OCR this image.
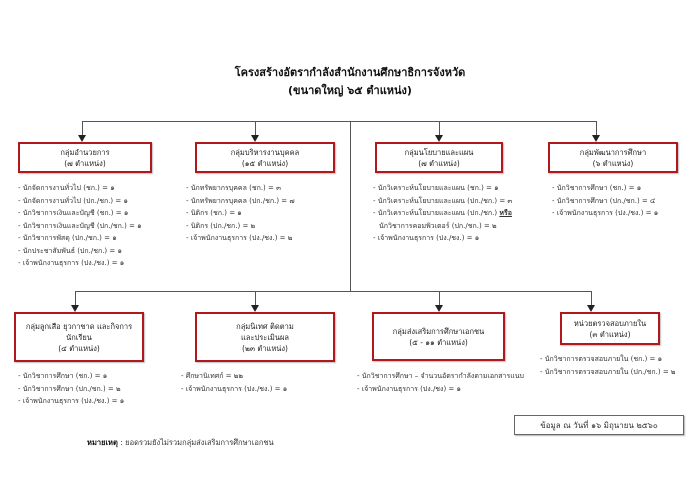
โครงสร้างอัตรากำลังสำนักงานศึกษาธิการจังหวัด
(ขนาดใหญ่ ๖๕ ตำแหน่ง)
กลุ่มอำนวยการ
(๗ ตำแหน่ง)
กลุ่มบริหารงานบุคคล
(๑๕ ตำแหน่ง)
กลุ่มนโยบายและแผน
(๗ ตำแหน่ง)
กลุ่มพัฒนาการศึกษา
(๖ ตำแหน่ง)
- นักจัดการงานทั่วไป (ชก.) = ๑
- นักจัดการงานทั่วไป (ปก./ชก.) = ๑
- นักวิชาการเงินและบัญชี (ชก.) = ๑
- นักวิชาการเงินและบัญชี (ปก./ชก.) = ๑
- นักวิชาการพัสดุ (ปก./ชก.) = ๑
- นักประชาสัมพันธ์ (ปก./ชก.) = ๑
- เจ้าพนักงานธุรการ (ปง./ชง.) = ๑
- นักทรัพยากรบุคคล (ชก.) = ๓
- นักทรัพยากรบุคคล (ปก./ชก.) = ๗
- นิติกร (ชก.) = ๑
- นิติกร (ปก./ชก.) = ๒
- เจ้าพนักงานธุรการ (ปง./ชง.) = ๒
- นักวิเคราะห์นโยบายและแผน (ชก.) = ๑
- นักวิเคราะห์นโยบายและแผน (ปก./ชก.) = ๓
- นักวิเคราะห์นโยบายและแผน (ปก./ชก.) หรือ
นักวิชาการคอมพิวเตอร์ (ปก./ชก.) = ๒
- เจ้าพนักงานธุรการ (ปง./ชง.) = ๑
- นักวิชาการศึกษา (ชก.) = ๑
- นักวิชาการศึกษา (ปก./ชก.) = ๔
- เจ้าพนักงานธุรการ (ปง./ชง.) = ๑
กลุ่มลูกเสือ ยุวกาชาด และกิจการ
นักเรียน
(๔ ตำแหน่ง)
กลุ่มนิเทศ ติดตาม
และประเมินผล
(๒๓ ตำแหน่ง)
กลุ่มส่งเสริมการศึกษาเอกชน
(๕ - ๑๑ ตำแหน่ง)
หน่วยตรวจสอบภายใน
(๓ ตำแหน่ง)
- นักวิชาการศึกษา (ชก.) = ๑
- นักวิชาการศึกษา (ปก./ชก.) = ๒
- เจ้าพนักงานธุรการ (ปง./ชง.) = ๑
- ศึกษานิเทศก์ = ๒๒
- เจ้าพนักงานธุรการ (ปง./ชง.) = ๑
- นักวิชาการศึกษา – จำนวนอัตรากำลังตามเอกสารแนบ
- เจ้าพนักงานธุรการ (ปง./ชง) = ๑
- นักวิชาการตรวจสอบภายใน (ชก.) = ๑
- นักวิชาการตรวจสอบภายใน (ปก./ชก.) = ๒
ข้อมูล ณ วันที่ ๑๖ มิถุนายน ๒๕๖๐
หมายเหตุ : ยอดรวมยังไม่รวมกลุ่มส่งเสริมการศึกษาเอกชน
